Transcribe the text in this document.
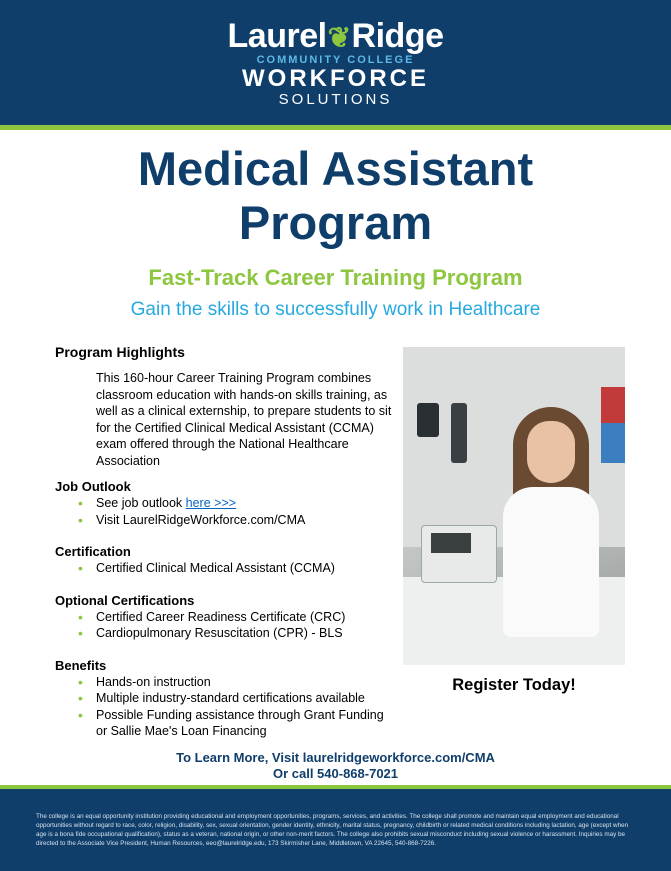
Laurel❦Ridge
COMMUNITY COLLEGE
WORKFORCE
SOLUTIONS
Medical Assistant
Program
Fast-Track Career Training Program
Gain the skills to successfully work in Healthcare
Program Highlights
This 160-hour Career Training Program combines classroom education with hands-on skills training, as well as a clinical externship, to prepare students to sit for the Certified Clinical Medical Assistant (CCMA) exam offered through the National Healthcare Association
Job Outlook
• See job outlook here >>>
• Visit LaurelRidgeWorkforce.com/CMA
Certification
• Certified Clinical Medical Assistant (CCMA)
Optional Certifications
• Certified Career Readiness Certificate (CRC)
• Cardiopulmonary Resuscitation (CPR) - BLS
Benefits
• Hands-on instruction
• Multiple industry-standard certifications available
• Possible Funding assistance through Grant Funding or Sallie Mae's Loan Financing
Register Today!
To Learn More, Visit laurelridgeworkforce.com/CMA
Or call 540-868-7021
The college is an equal opportunity institution providing educational and employment opportunities, programs, services, and activities. The college shall promote and maintain equal employment and educational opportunities without regard to race, color, religion, disability, sex, sexual orientation, gender identity, ethnicity, marital status, pregnancy, childbirth or related medical conditions including lactation, age (except when age is a bona fide occupational qualification), status as a veteran, national origin, or other non-merit factors. The college also prohibits sexual misconduct including sexual violence or harassment. Inquiries may be directed to the Associate Vice President, Human Resources, eeo@laurelridge.edu, 173 Skirmisher Lane, Middletown, VA 22645, 540-868-7226.
